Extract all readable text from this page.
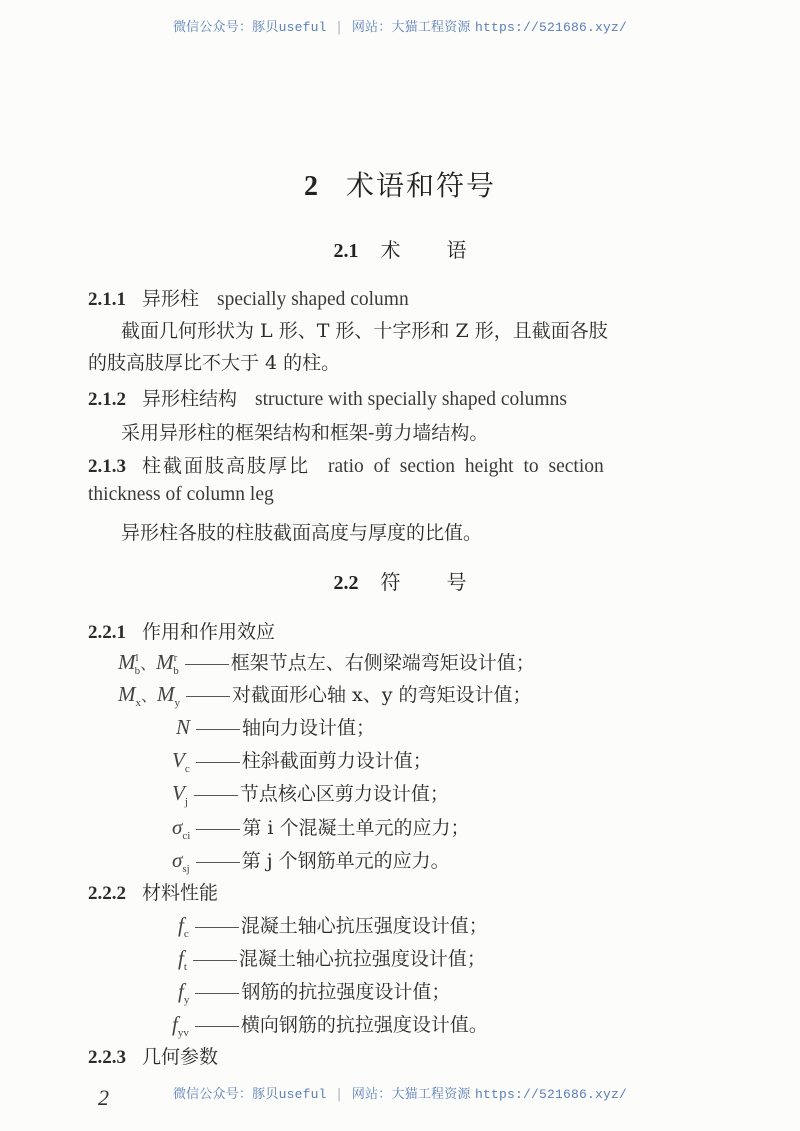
微信公众号：豚贝useful | 网站：大猫工程资源 https://521686.xyz/
2 术语和符号
2.1 术 语
2.1.1 异形柱 specially shaped column
截面几何形状为 L 形、T 形、十字形和 Z 形，且截面各肢
的肢高肢厚比不大于 4 的柱。
2.1.2 异形柱结构 structure with specially shaped columns
采用异形柱的框架结构和框架-剪力墙结构。
2.1.3 柱截面肢高肢厚比 ratio of section height to section
thickness of column leg
异形柱各肢的柱肢截面高度与厚度的比值。
2.2 符 号
2.2.1 作用和作用效应
$M^l_b$、$M^r_b$	框架节点左、右侧梁端弯矩设计值；
$M_x$、$M_y$	对截面形心轴 x、y 的弯矩设计值；
N	轴向力设计值；
$V_c$	柱斜截面剪力设计值；
$V_j$	节点核心区剪力设计值；
$\sigma_{ci}$	第 i 个混凝土单元的应力；
$\sigma_{sj}$	第 j 个钢筋单元的应力。
2.2.2 材料性能
$f_c$	混凝土轴心抗压强度设计值；
$f_t$	混凝土轴心抗拉强度设计值；
$f_y$	钢筋的抗拉强度设计值；
$f_{yv}$	横向钢筋的抗拉强度设计值。
2.2.3 几何参数
2	微信公众号：豚贝useful | 网站：大猫工程资源 https://521686.xyz/
